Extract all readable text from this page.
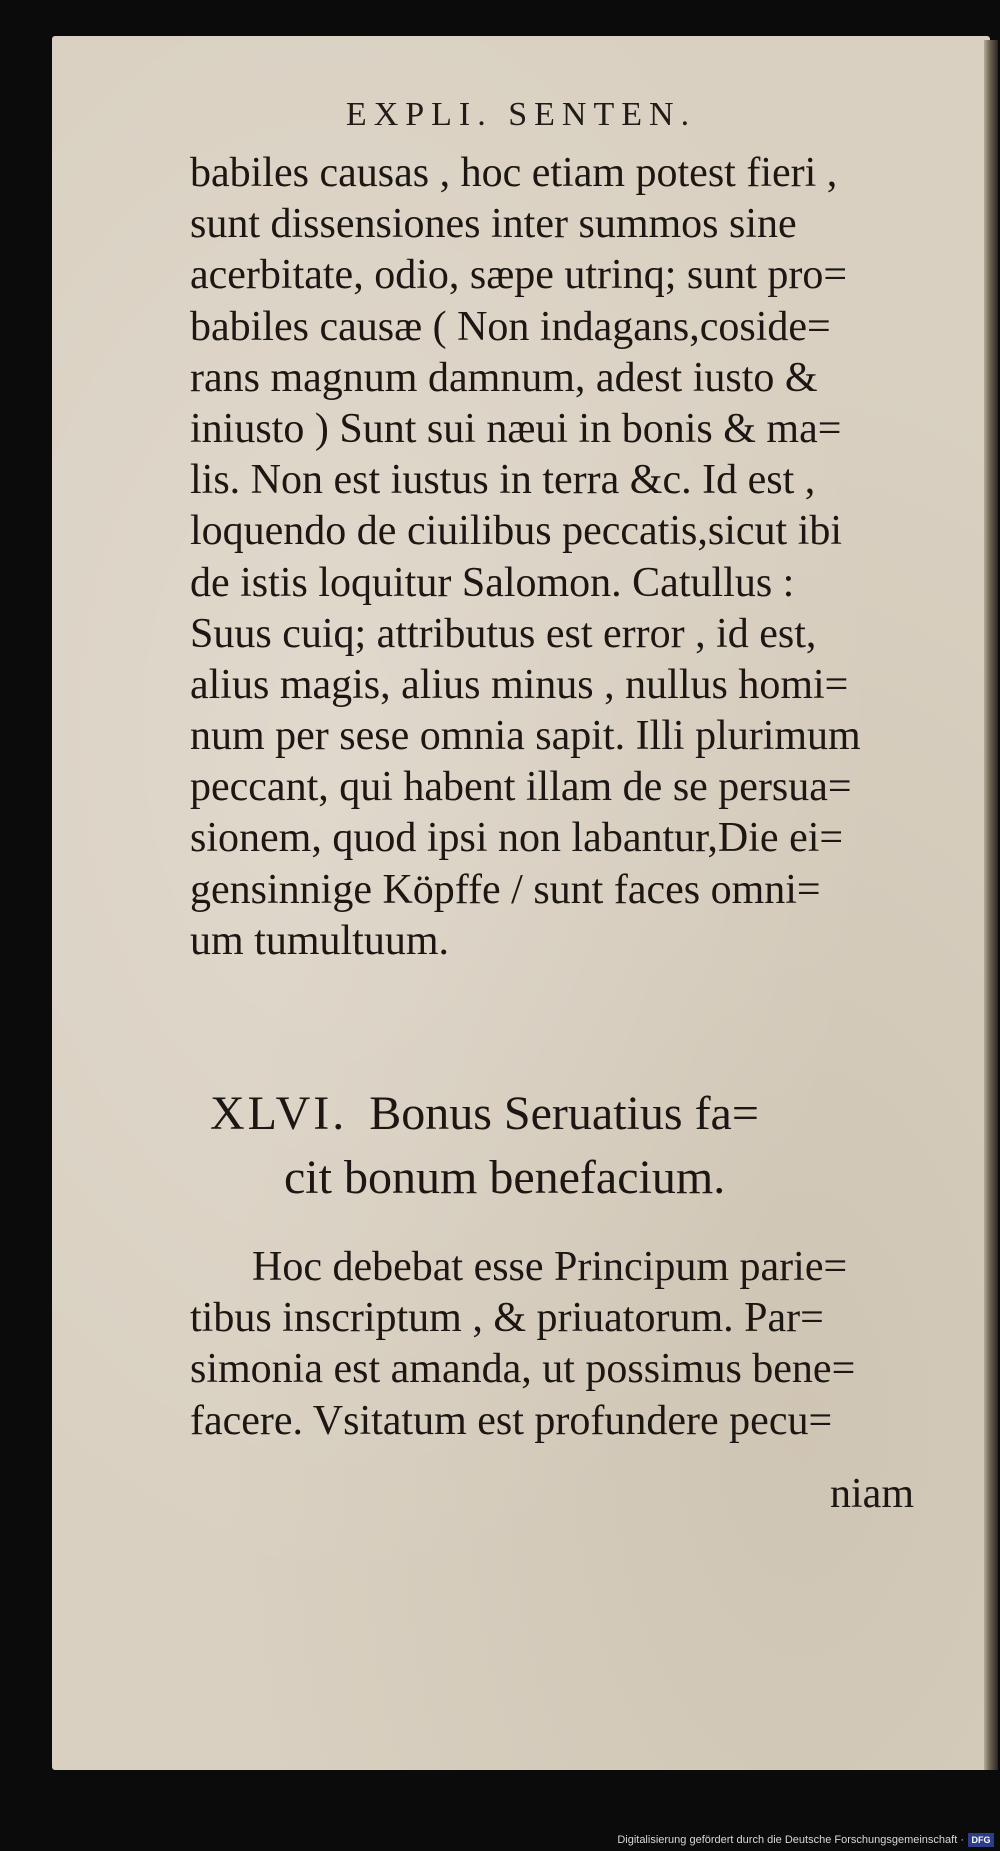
EXPLI. SENTEN.
babiles causas , hoc etiam potest fieri ,
sunt dissensiones inter summos sine
acerbitate, odio, sæpe utrinq; sunt pro=
babiles causæ ( Non indagans,coside=
rans magnum damnum, adest iusto &
iniusto ) Sunt sui næui in bonis & ma=
lis. Non est iustus in terra &c. Id est ,
loquendo de ciuilibus peccatis,sicut ibi
de istis loquitur Salomon. Catullus :
Suus cuiq; attributus est error , id est,
alius magis, alius minus , nullus homi=
num per sese omnia sapit. Illi plurimum
peccant, qui habent illam de se persua=
sionem, quod ipsi non labantur,Die ei=
gensinnige Köpffe / sunt faces omni=
um tumultuum.
XLVI. Bonus Seruatius fa=
cit bonum benefacium.
Hoc debebat esse Principum parie=
tibus inscriptum , & priuatorum. Par=
simonia est amanda, ut possimus bene=
facere. Vsitatum est profundere pecu=
niam
Digitalisierung gefördert durch die Deutsche Forschungsgemeinschaft · DFG
